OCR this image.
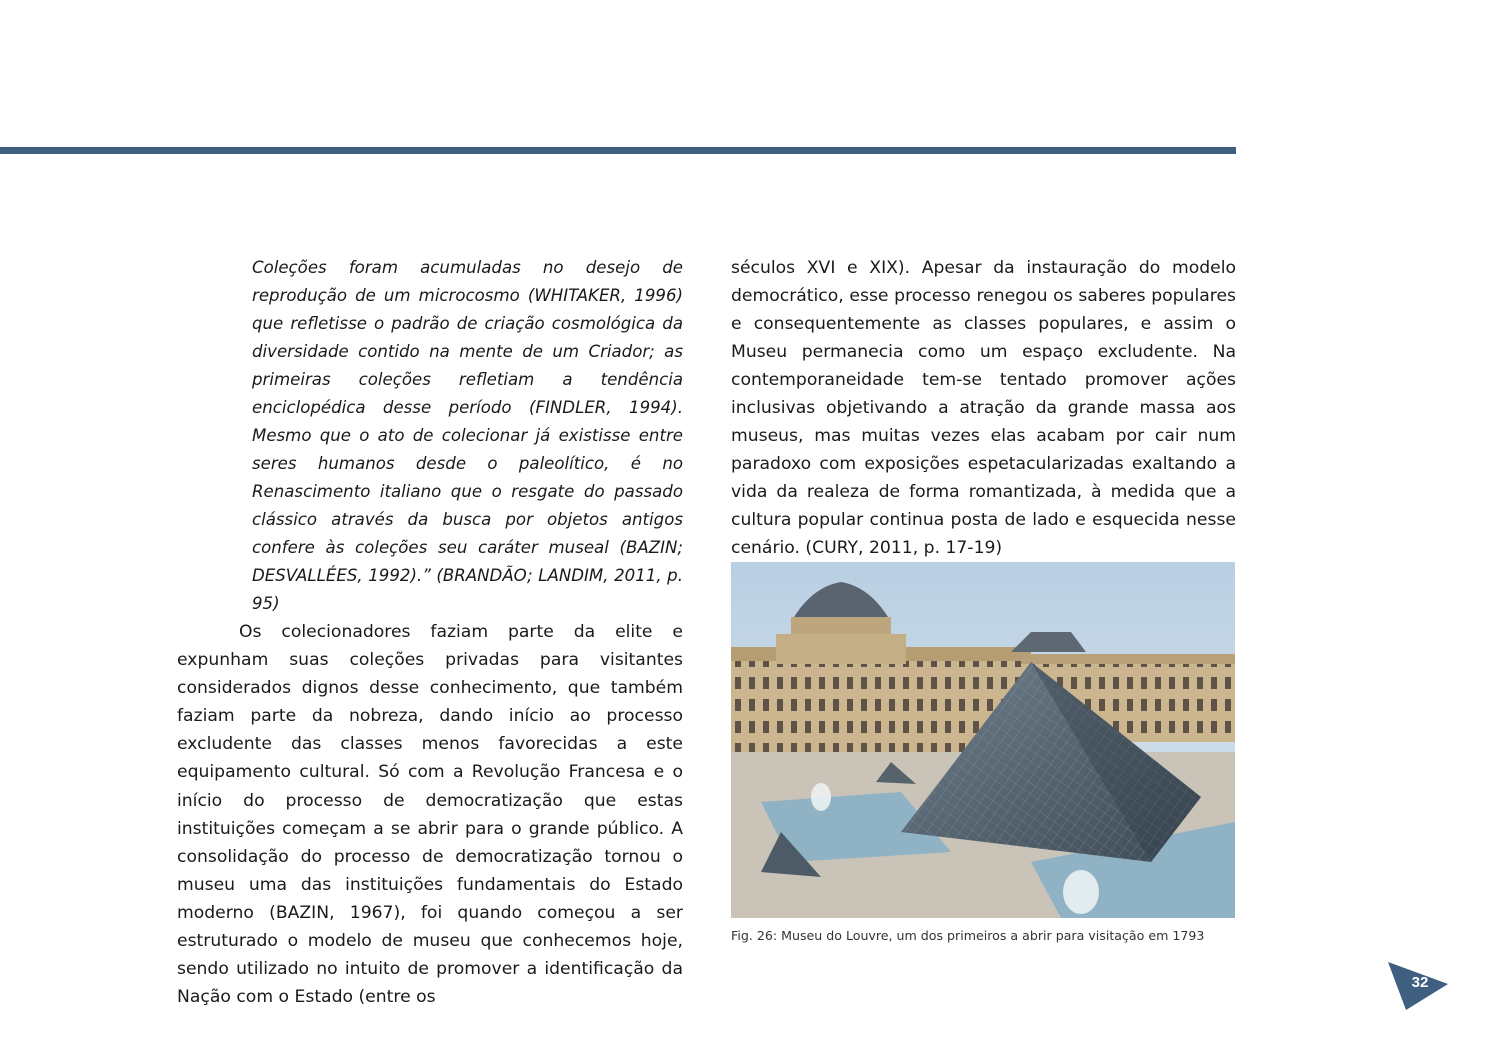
Coleções foram acumuladas no desejo de reprodução de um microcosmo (WHITAKER, 1996) que refletisse o padrão de criação cosmológica da diversidade contido na mente de um Criador; as primeiras coleções refletiam a tendência enciclopédica desse período (FINDLER, 1994). Mesmo que o ato de colecionar já existisse entre seres humanos desde o paleolítico, é no Renascimento italiano que o resgate do passado clássico através da busca por objetos antigos confere às coleções seu caráter museal (BAZIN; DESVALLÉES, 1992).” (BRANDÃO; LANDIM, 2011, p. 95)

Os colecionadores faziam parte da elite e expunham suas coleções privadas para visitantes considerados dignos desse conhecimento, que também faziam parte da nobreza, dando início ao processo excludente das classes menos favorecidas a este equipamento cultural. Só com a Revolução Francesa e o início do processo de democratização que estas instituições começam a se abrir para o grande público. A consolidação do processo de democratização tornou o museu uma das instituições fundamentais do Estado moderno (BAZIN, 1967), foi quando começou a ser estruturado o modelo de museu que conhecemos hoje, sendo utilizado no intuito de promover a identificação da Nação com o Estado (entre os

séculos XVI e XIX). Apesar da instauração do modelo democrático, esse processo renegou os saberes populares e consequentemente as classes populares, e assim o Museu permanecia como um espaço excludente. Na contemporaneidade tem-se tentado promover ações inclusivas objetivando a atração da grande massa aos museus, mas muitas vezes elas acabam por cair num paradoxo com exposições espetacularizadas exaltando a vida da realeza de forma romantizada, à medida que a cultura popular continua posta de lado e esquecida nesse cenário. (CURY, 2011, p. 17-19)

Fig. 26: Museu do Louvre, um dos primeiros a abrir para visitação em 1793
32
